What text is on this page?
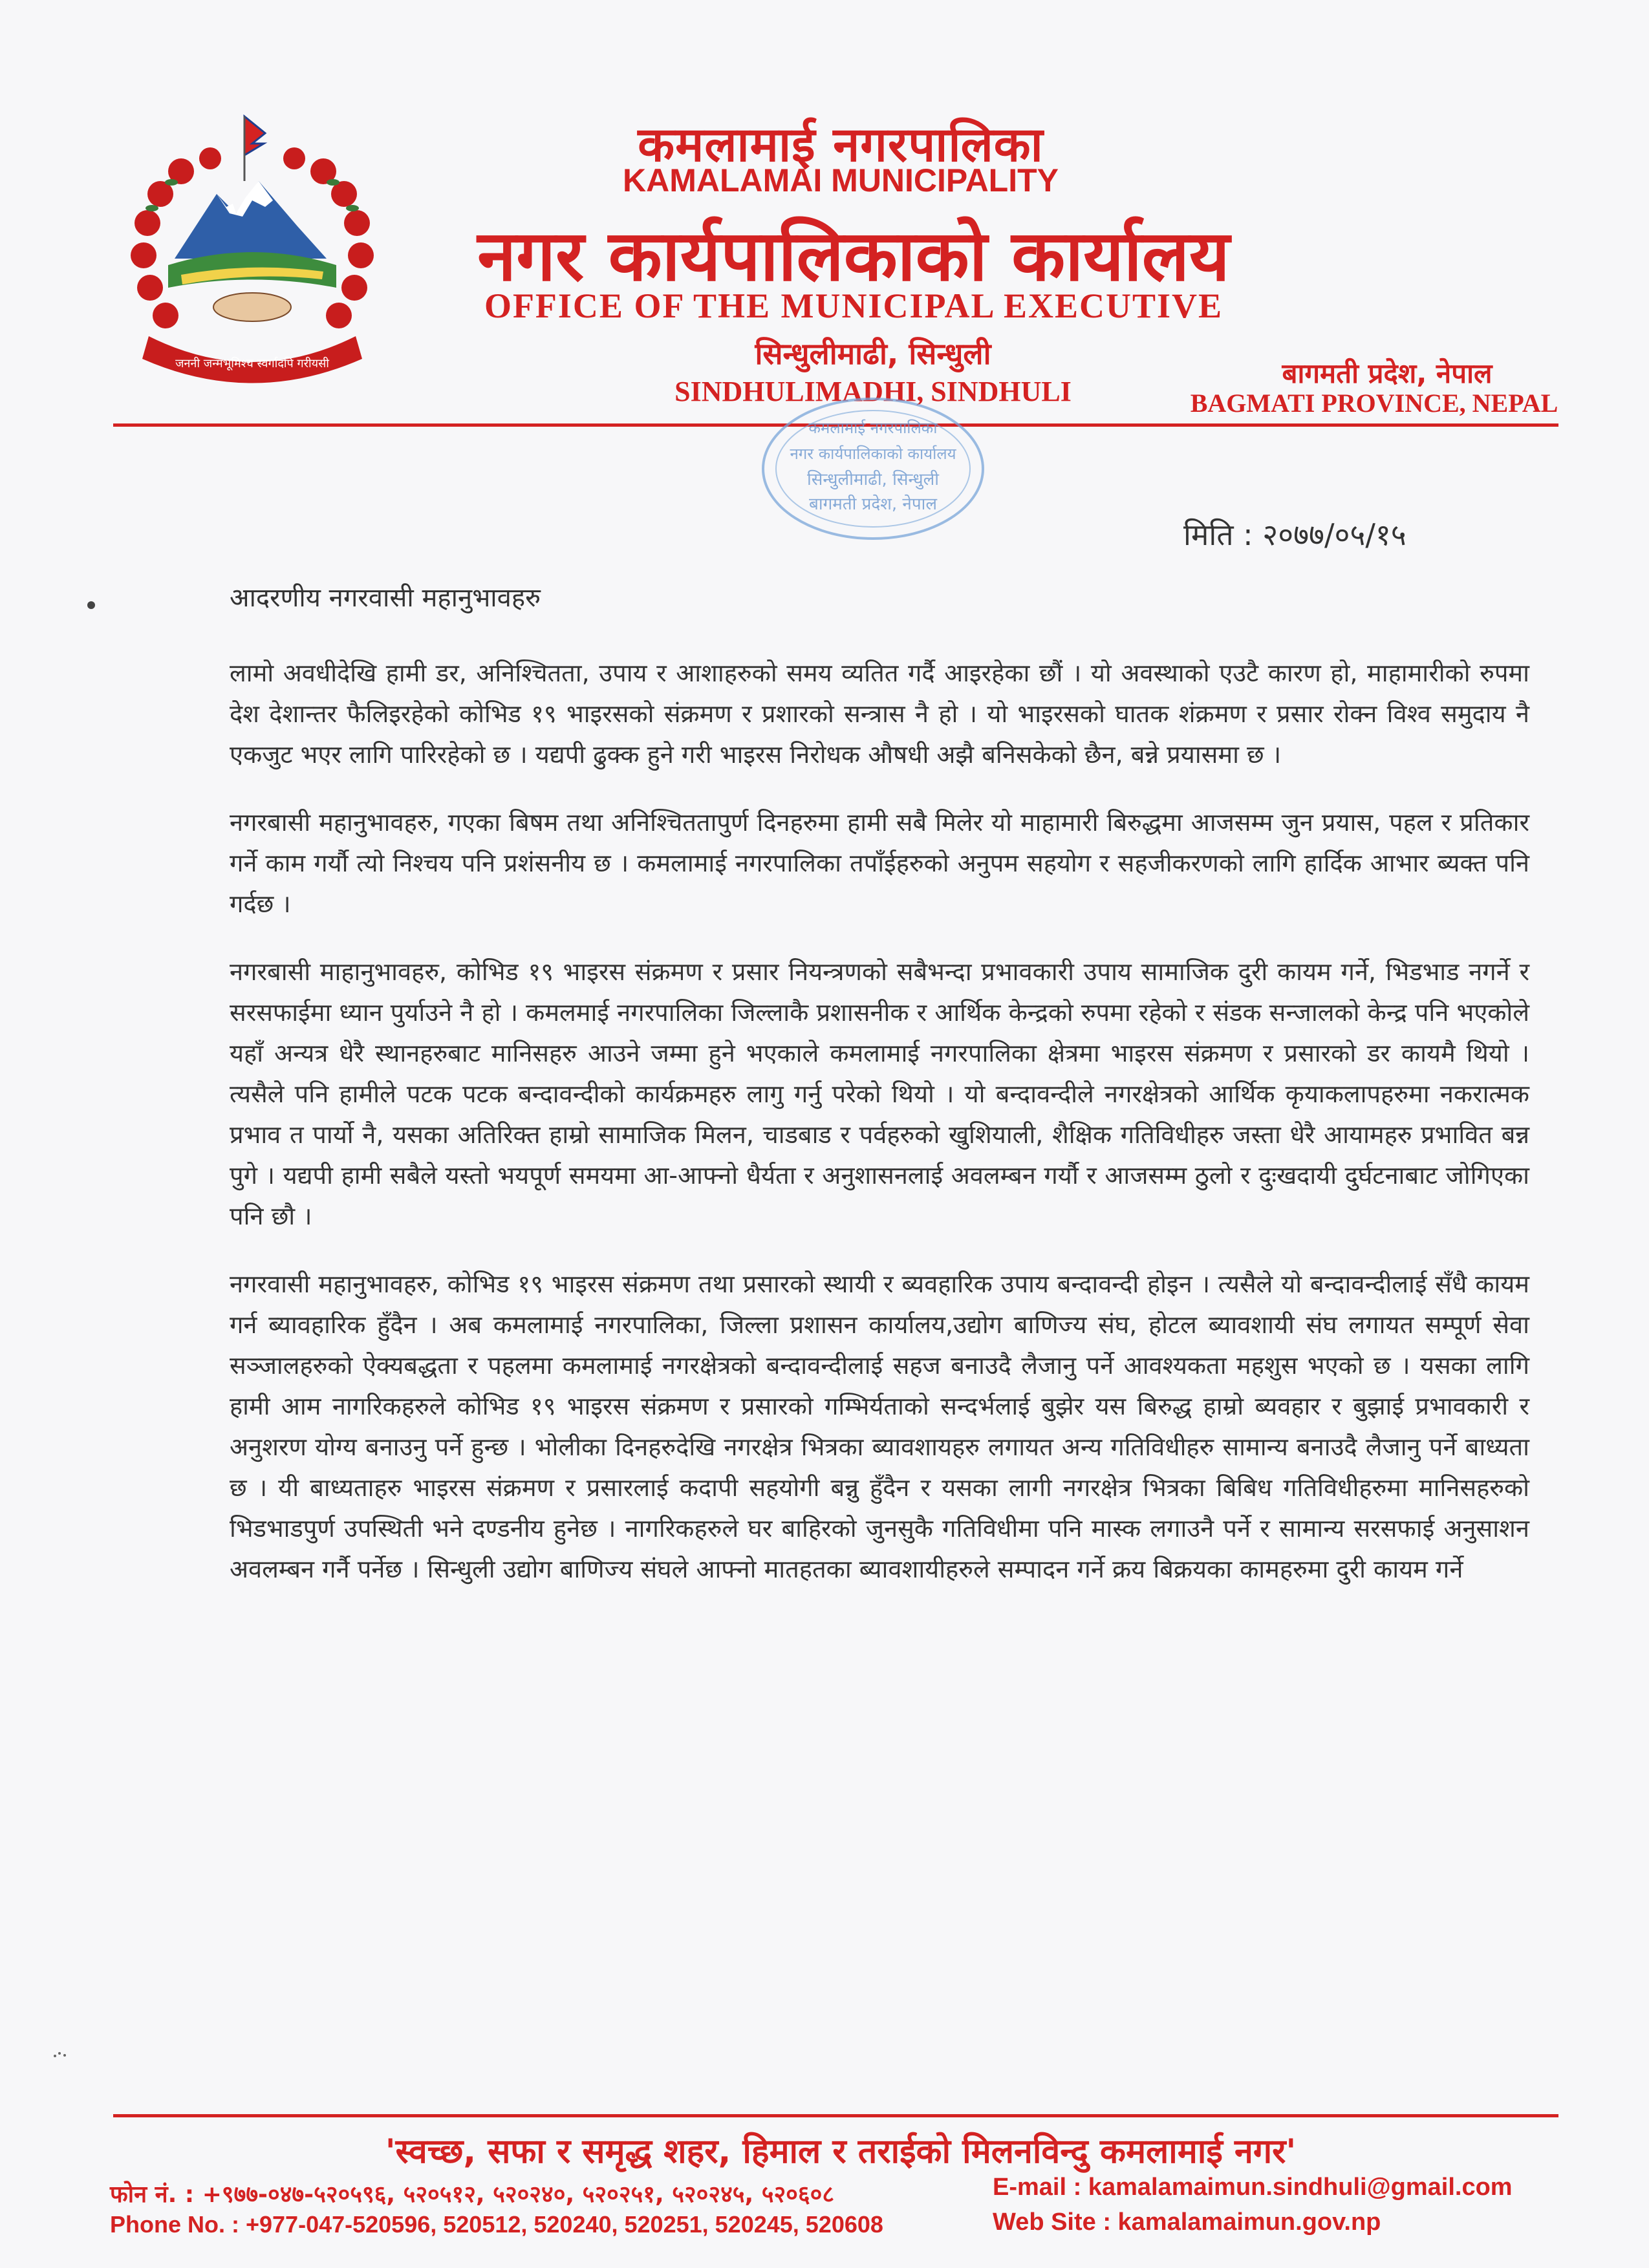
जननी जन्मभूमिश्च स्वर्गादपि गरीयसी
कमलामाई नगरपालिका
KAMALAMAI MUNICIPALITY
नगर कार्यपालिकाको कार्यालय
OFFICE OF THE MUNICIPAL EXECUTIVE
सिन्धुलीमाढी, सिन्धुली
SINDHULIMADHI, SINDHULI
बागमती प्रदेश, नेपाल
BAGMATI PROVINCE, NEPAL
कमलामाई नगरपालिका
नगर कार्यपालिकाको कार्यालय
सिन्धुलीमाढी, सिन्धुली
बागमती प्रदेश, नेपाल
मिति : २०७७/०५/१५
आदरणीय नगरवासी महानुभावहरु

लामो अवधीदेखि हामी डर, अनिश्चितता, उपाय र आशाहरुको समय व्यतित गर्दै आइरहेका छौं । यो अवस्थाको एउटै कारण हो, माहामारीको रुपमा देश देशान्तर फैलिइरहेको कोभिड १९ भाइरसको संक्रमण र प्रशारको सन्त्रास नै हो । यो भाइरसको घातक शंक्रमण र प्रसार रोक्न विश्व समुदाय नै एकजुट भएर लागि पारिरहेको छ । यद्यपी ढुक्क हुने गरी भाइरस निरोधक औषधी अझै बनिसकेको छैन, बन्ने प्रयासमा छ ।

नगरबासी महानुभावहरु, गएका बिषम तथा अनिश्चिततापुर्ण दिनहरुमा हामी सबै मिलेर यो माहामारी बिरुद्धमा आजसम्म जुन प्रयास, पहल र प्रतिकार गर्ने काम गर्यौ त्यो निश्चय पनि प्रशंसनीय छ । कमलामाई नगरपालिका तपाँईहरुको अनुपम सहयोग र सहजीकरणको लागि हार्दिक आभार ब्यक्त पनि गर्दछ ।

नगरबासी माहानुभावहरु, कोभिड १९ भाइरस संक्रमण र प्रसार नियन्त्रणको सबैभन्दा प्रभावकारी उपाय सामाजिक दुरी कायम गर्ने, भिडभाड नगर्ने र सरसफाईमा ध्यान पुर्याउने नै हो । कमलमाई नगरपालिका जिल्लाकै प्रशासनीक र आर्थिक केन्द्रको रुपमा रहेको र संडक सन्जालको केन्द्र पनि भएकोले यहाँ अन्यत्र धेरै स्थानहरुबाट मानिसहरु आउने जम्मा हुने भएकाले कमलामाई नगरपालिका क्षेत्रमा भाइरस संक्रमण र प्रसारको डर कायमै थियो । त्यसैले पनि हामीले पटक पटक बन्दावन्दीको कार्यक्रमहरु लागु गर्नु परेको थियो । यो बन्दावन्दीले नगरक्षेत्रको आर्थिक कृयाकलापहरुमा नकरात्मक प्रभाव त पार्यो नै, यसका अतिरिक्त हाम्रो सामाजिक मिलन, चाडबाड र पर्वहरुको खुशियाली, शैक्षिक गतिविधीहरु जस्ता धेरै आयामहरु प्रभावित बन्न पुगे । यद्यपी हामी सबैले यस्तो भयपूर्ण समयमा आ-आफ्नो धैर्यता र अनुशासनलाई अवलम्बन गर्यौ र आजसम्म ठुलो र दुःखदायी दुर्घटनाबाट जोगिएका पनि छौ ।

नगरवासी महानुभावहरु, कोभिड १९ भाइरस संक्रमण तथा प्रसारको स्थायी र ब्यवहारिक उपाय बन्दावन्दी होइन । त्यसैले यो बन्दावन्दीलाई सँधै कायम गर्न ब्यावहारिक हुँदैन । अब कमलामाई नगरपालिका, जिल्ला प्रशासन कार्यालय,उद्योग बाणिज्य संघ, होटल ब्यावशायी संघ लगायत सम्पूर्ण सेवा सञ्जालहरुको ऐक्यबद्धता र पहलमा कमलामाई नगरक्षेत्रको बन्दावन्दीलाई सहज बनाउदै लैजानु पर्ने आवश्यकता महशुस भएको छ । यसका लागि हामी आम नागरिकहरुले कोभिड १९ भाइरस संक्रमण र प्रसारको गम्भिर्यताको सन्दर्भलाई बुझेर यस बिरुद्ध हाम्रो ब्यवहार र बुझाई प्रभावकारी र अनुशरण योग्य बनाउनु पर्ने हुन्छ । भोलीका दिनहरुदेखि नगरक्षेत्र भित्रका ब्यावशायहरु लगायत अन्य गतिविधीहरु सामान्य बनाउदै लैजानु पर्ने बाध्यता छ । यी बाध्यताहरु भाइरस संक्रमण र प्रसारलाई कदापी सहयोगी बन्नु हुँदैन र यसका लागी नगरक्षेत्र भित्रका बिबिध गतिविधीहरुमा मानिसहरुको भिडभाडपुर्ण उपस्थिती भने दण्डनीय हुनेछ । नागरिकहरुले घर बाहिरको जुनसुकै गतिविधीमा पनि मास्क लगाउनै पर्ने र सामान्य सरसफाई अनुसाशन अवलम्बन गर्नै पर्नेछ । सिन्धुली उद्योग बाणिज्य संघले आफ्नो मातहतका ब्यावशायीहरुले सम्पादन गर्ने क्रय बिक्रयका कामहरुमा दुरी कायम गर्ने

'स्वच्छ, सफा र समृद्ध शहर, हिमाल र तराईको मिलनविन्दु कमलामाई नगर'
फोन नं. : +९७७-०४७-५२०५९६, ५२०५१२, ५२०२४०, ५२०२५१, ५२०२४५, ५२०६०८
Phone No. : +977-047-520596, 520512, 520240, 520251, 520245, 520608
E-mail : kamalamaimun.sindhuli@gmail.com
Web Site : kamalamaimun.gov.np
